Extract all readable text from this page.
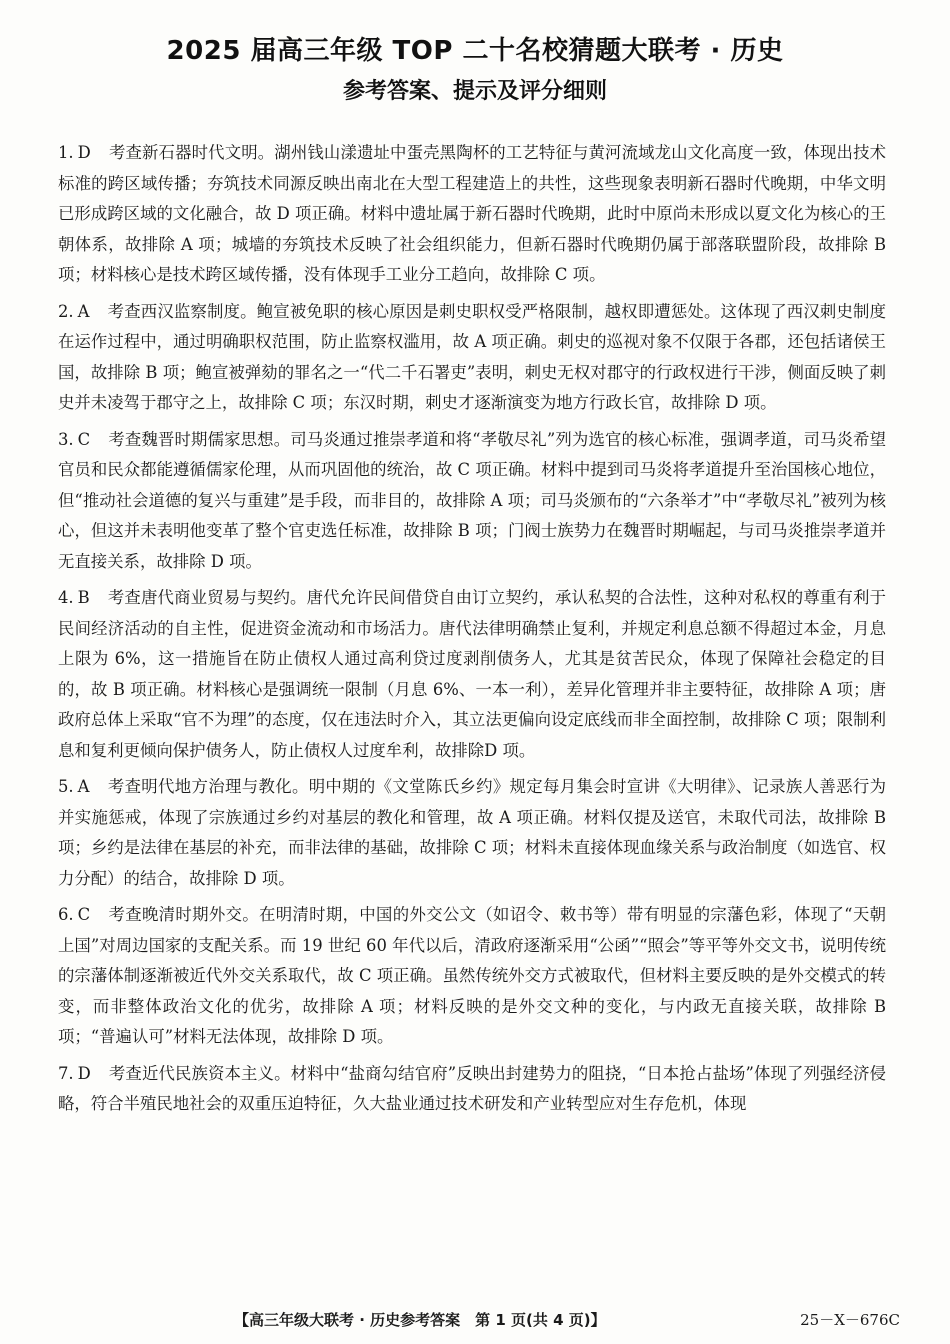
2025 届高三年级 TOP 二十名校猜题大联考 · 历史
参考答案、提示及评分细则

1. D 考查新石器时代文明。湖州钱山漾遗址中蛋壳黑陶杯的工艺特征与黄河流域龙山文化高度一致，体现出技术标准的跨区域传播；夯筑技术同源反映出南北在大型工程建造上的共性，这些现象表明新石器时代晚期，中华文明已形成跨区域的文化融合，故 D 项正确。材料中遗址属于新石器时代晚期，此时中原尚未形成以夏文化为核心的王朝体系，故排除 A 项；城墙的夯筑技术反映了社会组织能力，但新石器时代晚期仍属于部落联盟阶段，故排除 B 项；材料核心是技术跨区域传播，没有体现手工业分工趋向，故排除 C 项。

2. A 考查西汉监察制度。鲍宣被免职的核心原因是刺史职权受严格限制，越权即遭惩处。这体现了西汉刺史制度在运作过程中，通过明确职权范围，防止监察权滥用，故 A 项正确。刺史的巡视对象不仅限于各郡，还包括诸侯王国，故排除 B 项；鲍宣被弹劾的罪名之一“代二千石署吏”表明，刺史无权对郡守的行政权进行干涉，侧面反映了刺史并未凌驾于郡守之上，故排除 C 项；东汉时期，刺史才逐渐演变为地方行政长官，故排除 D 项。

3. C 考查魏晋时期儒家思想。司马炎通过推崇孝道和将“孝敬尽礼”列为选官的核心标准，强调孝道，司马炎希望官员和民众都能遵循儒家伦理，从而巩固他的统治，故 C 项正确。材料中提到司马炎将孝道提升至治国核心地位，但“推动社会道德的复兴与重建”是手段，而非目的，故排除 A 项；司马炎颁布的“六条举才”中“孝敬尽礼”被列为核心，但这并未表明他变革了整个官吏选任标准，故排除 B 项；门阀士族势力在魏晋时期崛起，与司马炎推崇孝道并无直接关系，故排除 D 项。

4. B 考查唐代商业贸易与契约。唐代允许民间借贷自由订立契约，承认私契的合法性，这种对私权的尊重有利于民间经济活动的自主性，促进资金流动和市场活力。唐代法律明确禁止复利，并规定利息总额不得超过本金，月息上限为 6%，这一措施旨在防止债权人通过高利贷过度剥削债务人，尤其是贫苦民众，体现了保障社会稳定的目的，故 B 项正确。材料核心是强调统一限制（月息 6%、一本一利），差异化管理并非主要特征，故排除 A 项；唐政府总体上采取“官不为理”的态度，仅在违法时介入，其立法更偏向设定底线而非全面控制，故排除 C 项；限制利息和复利更倾向保护债务人，防止债权人过度牟利，故排除D 项。

5. A 考查明代地方治理与教化。明中期的《文堂陈氏乡约》规定每月集会时宣讲《大明律》、记录族人善恶行为并实施惩戒，体现了宗族通过乡约对基层的教化和管理，故 A 项正确。材料仅提及送官，未取代司法，故排除 B 项；乡约是法律在基层的补充，而非法律的基础，故排除 C 项；材料未直接体现血缘关系与政治制度（如选官、权力分配）的结合，故排除 D 项。

6. C 考查晚清时期外交。在明清时期，中国的外交公文（如诏令、敕书等）带有明显的宗藩色彩，体现了“天朝上国”对周边国家的支配关系。而 19 世纪 60 年代以后，清政府逐渐采用“公函”“照会”等平等外交文书，说明传统的宗藩体制逐渐被近代外交关系取代，故 C 项正确。虽然传统外交方式被取代，但材料主要反映的是外交模式的转变，而非整体政治文化的优劣，故排除 A 项；材料反映的是外交文种的变化，与内政无直接关联，故排除 B 项；“普遍认可”材料无法体现，故排除 D 项。

7. D 考查近代民族资本主义。材料中“盐商勾结官府”反映出封建势力的阻挠，“日本抢占盐场”体现了列强经济侵略，符合半殖民地社会的双重压迫特征，久大盐业通过技术研发和产业转型应对生存危机，体现

【高三年级大联考 · 历史参考答案　第 1 页(共 4 页)】	25－X－676C
